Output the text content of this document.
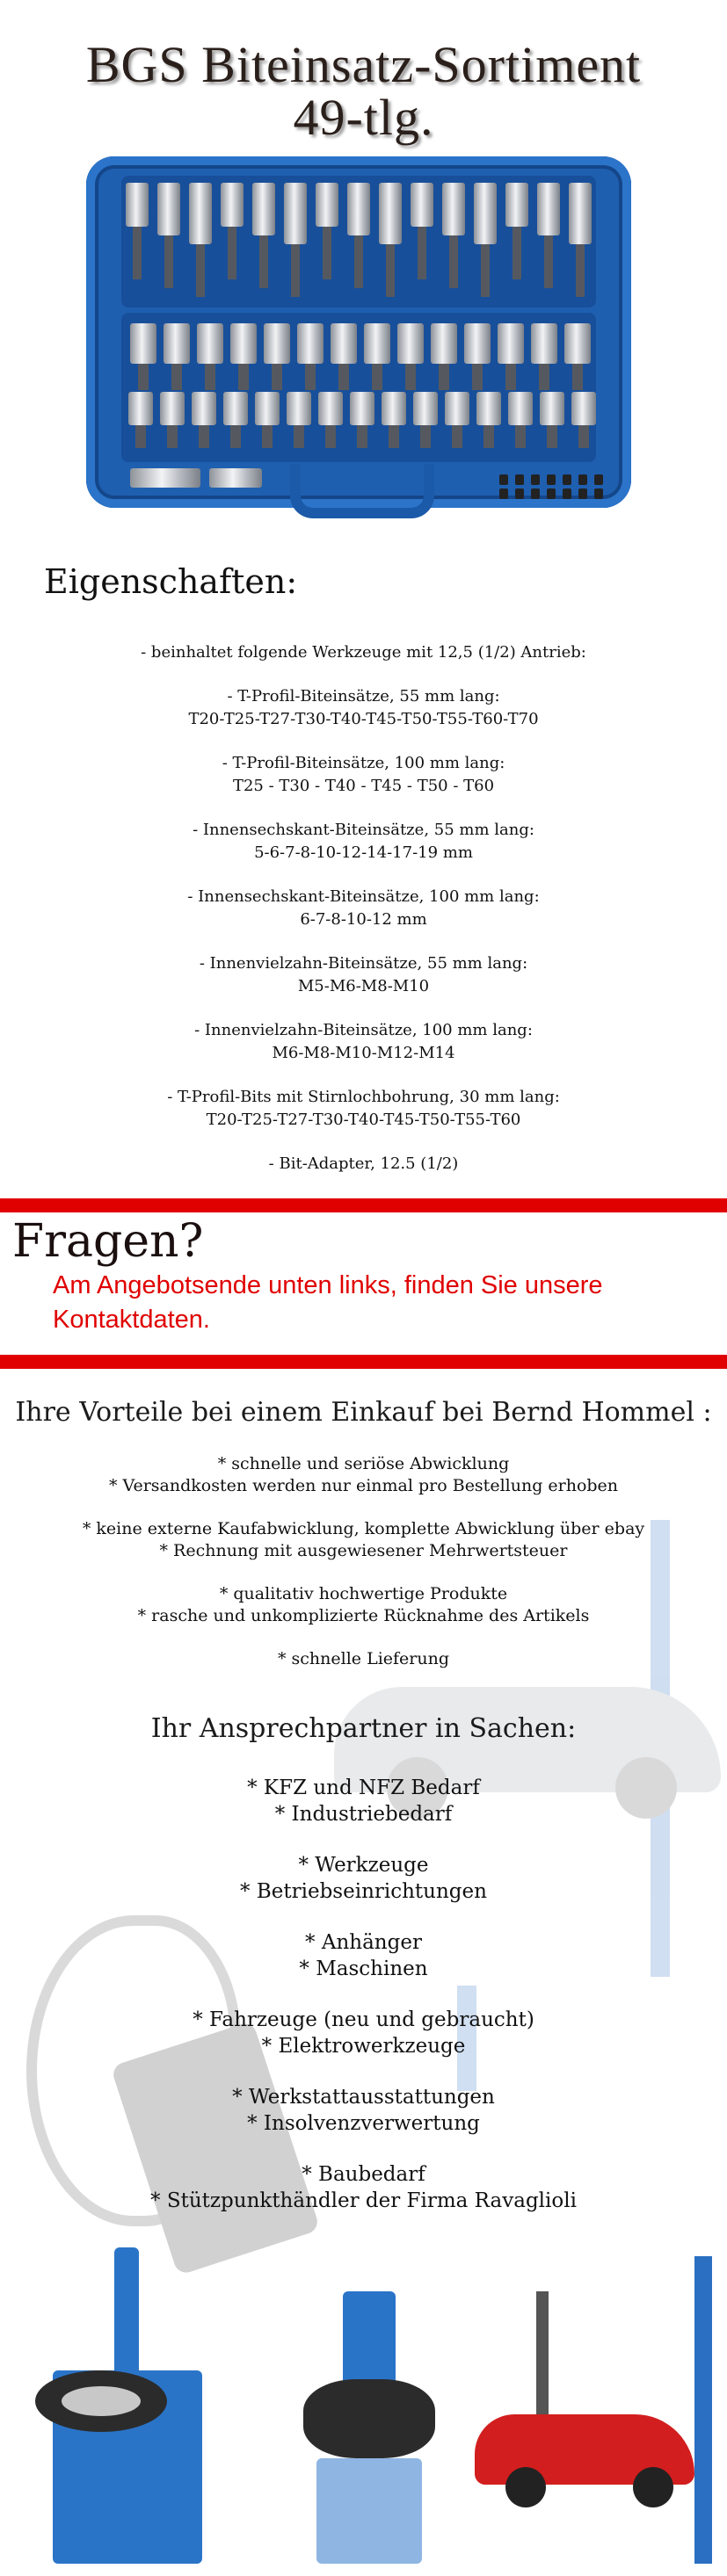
BGS Biteinsatz-Sortiment
49-tlg.
Eigenschaften:

- beinhaltet folgende Werkzeuge mit 12,5 (1/2) Antrieb:

- T-Profil-Biteinsätze, 55 mm lang:
T20-T25-T27-T30-T40-T45-T50-T55-T60-T70

- T-Profil-Biteinsätze, 100 mm lang:
T25 - T30 - T40 - T45 - T50 - T60

- Innensechskant-Biteinsätze, 55 mm lang:
5-6-7-8-10-12-14-17-19 mm

- Innensechskant-Biteinsätze, 100 mm lang:
6-7-8-10-12 mm

- Innenvielzahn-Biteinsätze, 55 mm lang:
M5-M6-M8-M10

- Innenvielzahn-Biteinsätze, 100 mm lang:
M6-M8-M10-M12-M14

- T-Profil-Bits mit Stirnlochbohrung, 30 mm lang:
T20-T25-T27-T30-T40-T45-T50-T55-T60

- Bit-Adapter, 12.5 (1/2)

Fragen?
Am Angebotsende unten links, finden Sie unsere Kontaktdaten.
Ihre Vorteile bei einem Einkauf bei Bernd Hommel :

* schnelle und seriöse Abwicklung
* Versandkosten werden nur einmal pro Bestellung erhoben

* keine externe Kaufabwicklung, komplette Abwicklung über ebay
* Rechnung mit ausgewiesener Mehrwertsteuer

* qualitativ hochwertige Produkte
* rasche und unkomplizierte Rücknahme des Artikels

* schnelle Lieferung

Ihr Ansprechpartner in Sachen:

* KFZ und NFZ Bedarf
* Industriebedarf

* Werkzeuge
* Betriebseinrichtungen

* Anhänger
* Maschinen

* Fahrzeuge (neu und gebraucht)
* Elektrowerkzeuge

* Werkstattausstattungen
* Insolvenzverwertung

* Baubedarf
* Stützpunkthändler der Firma Ravaglioli
